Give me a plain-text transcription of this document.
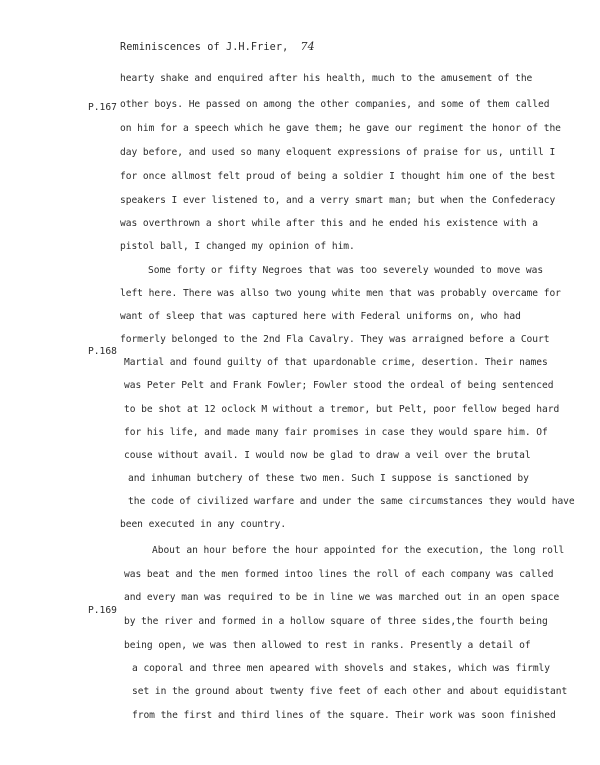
Reminiscences of J.H.Frier, 74
P.167
P.168
P.169
hearty shake and enquired after his health, much to the amusement of the
other boys. He passed on among the other companies, and some of them called
on him for a speech which he gave them; he gave our regiment the honor of the
day before, and used so many eloquent expressions of praise for us, untill I
for once allmost felt proud of being a soldier I thought him one of the best
speakers I ever listened to, and a verry smart man; but when the Confederacy
was overthrown a short while after this and he ended his existence with a
pistol ball, I changed my opinion of him.
Some forty or fifty Negroes that was too severely wounded to move was
left here. There was allso two young white men that was probably overcame for
want of sleep that was captured here with Federal uniforms on, who had
formerly belonged to the 2nd Fla Cavalry. They was arraigned before a Court
Martial and found guilty of that upardonable crime, desertion. Their names
was Peter Pelt and Frank Fowler; Fowler stood the ordeal of being sentenced
to be shot at 12 oclock M without a tremor, but Pelt, poor fellow beged hard
for his life, and made many fair promises in case they would spare him. Of
couse without avail. I would now be glad to draw a veil over the brutal
and inhuman butchery of these two men. Such I suppose is sanctioned by
the code of civilized warfare and under the same circumstances they would have
been executed in any country.
About an hour before the hour appointed for the execution, the long roll
was beat and the men formed intoo lines the roll of each company was called
and every man was required to be in line we was marched out in an open space
by the river and formed in a hollow square of three sides,the fourth being
being open, we was then allowed to rest in ranks. Presently a detail of
a coporal and three men apeared with shovels and stakes, which was firmly
set in the ground about twenty five feet of each other and about equidistant
from the first and third lines of the square. Their work was soon finished
